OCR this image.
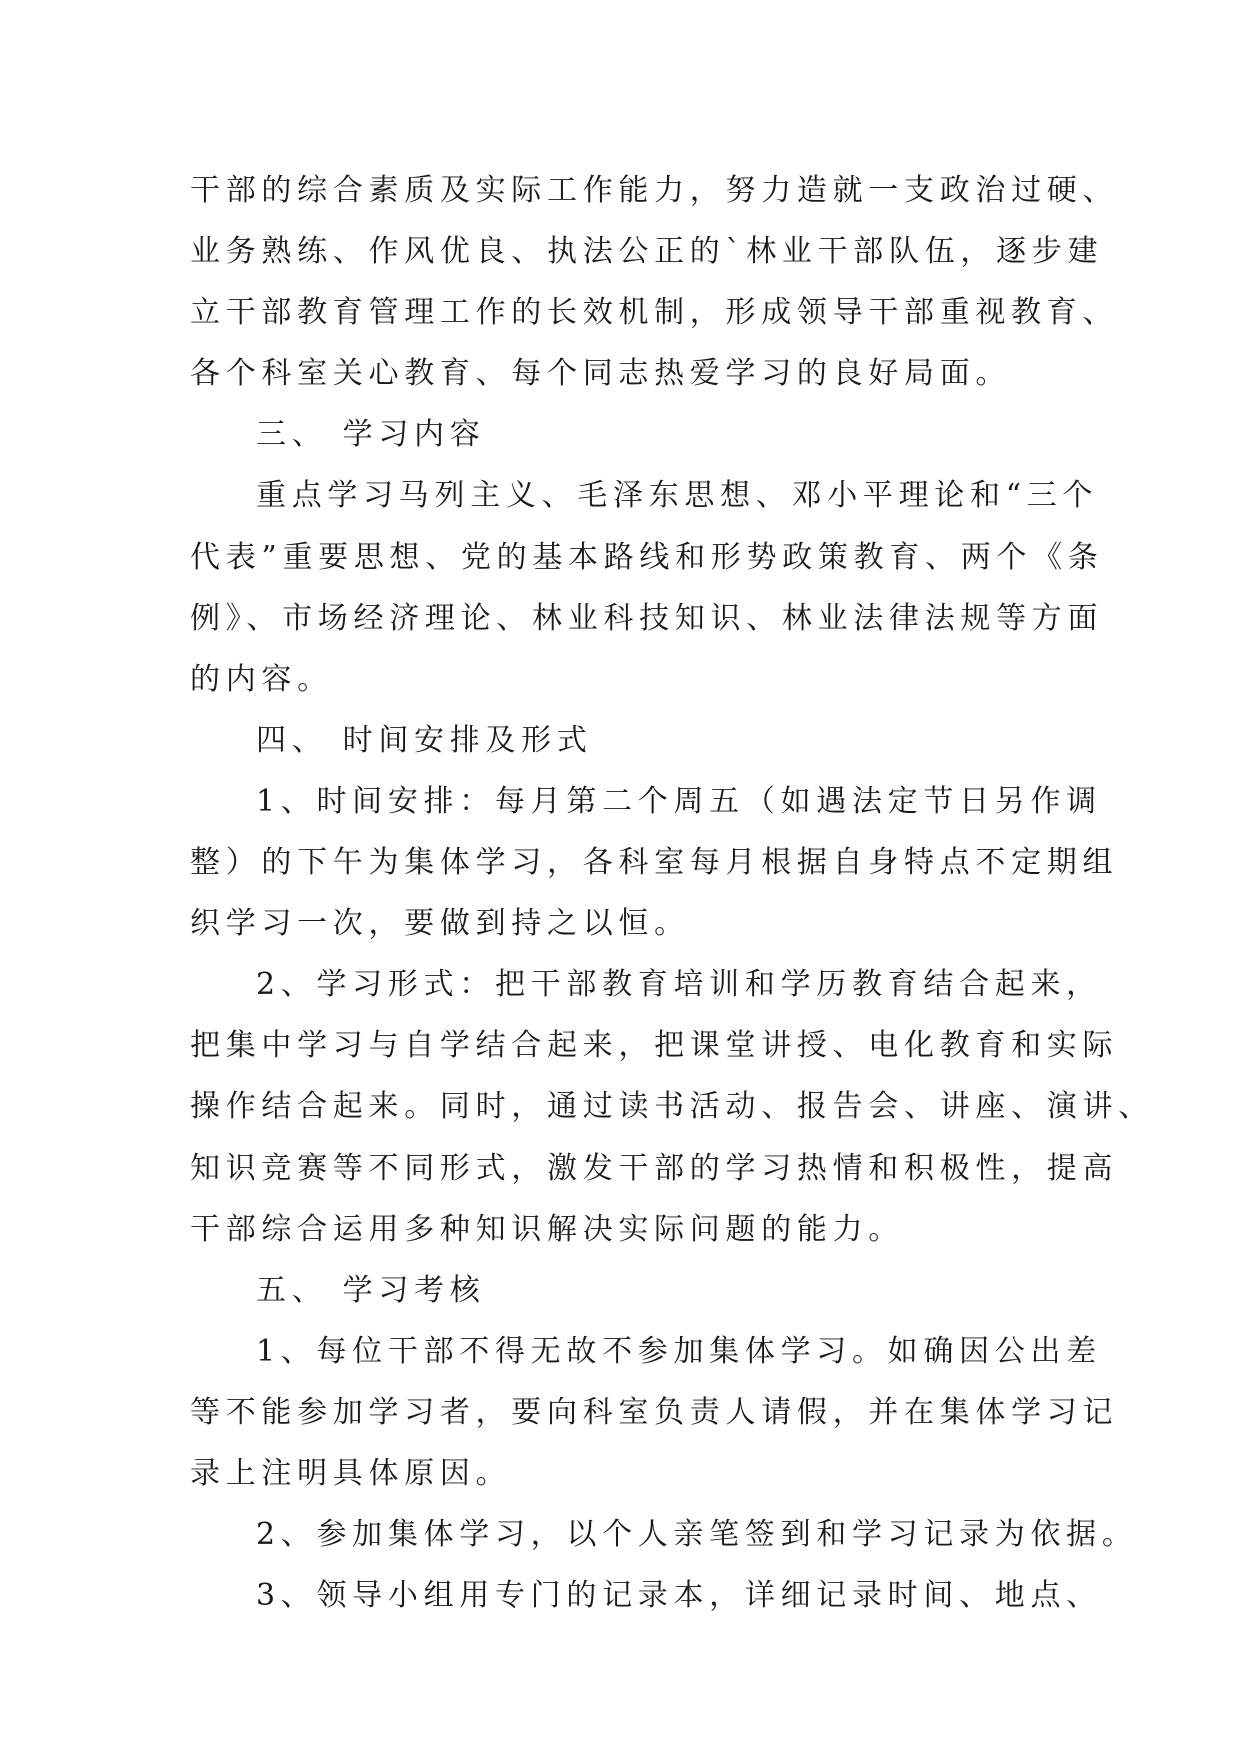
干部的综合素质及实际工作能力，努力造就一支政治过硬、
业务熟练、作风优良、执法公正的`林业干部队伍，逐步建
立干部教育管理工作的长效机制，形成领导干部重视教育、
各个科室关心教育、每个同志热爱学习的良好局面。
三、 学习内容
重点学习马列主义、毛泽东思想、邓小平理论和“三个
代表”重要思想、党的基本路线和形势政策教育、两个《条
例》、市场经济理论、林业科技知识、林业法律法规等方面
的内容。
四、 时间安排及形式
1、时间安排：每月第二个周五（如遇法定节日另作调
整）的下午为集体学习，各科室每月根据自身特点不定期组
织学习一次，要做到持之以恒。
2、学习形式：把干部教育培训和学历教育结合起来，
把集中学习与自学结合起来，把课堂讲授、电化教育和实际
操作结合起来。同时，通过读书活动、报告会、讲座、演讲、
知识竞赛等不同形式，激发干部的学习热情和积极性，提高
干部综合运用多种知识解决实际问题的能力。
五、 学习考核
1、每位干部不得无故不参加集体学习。如确因公出差
等不能参加学习者，要向科室负责人请假，并在集体学习记
录上注明具体原因。
2、参加集体学习，以个人亲笔签到和学习记录为依据。
3、领导小组用专门的记录本，详细记录时间、地点、
